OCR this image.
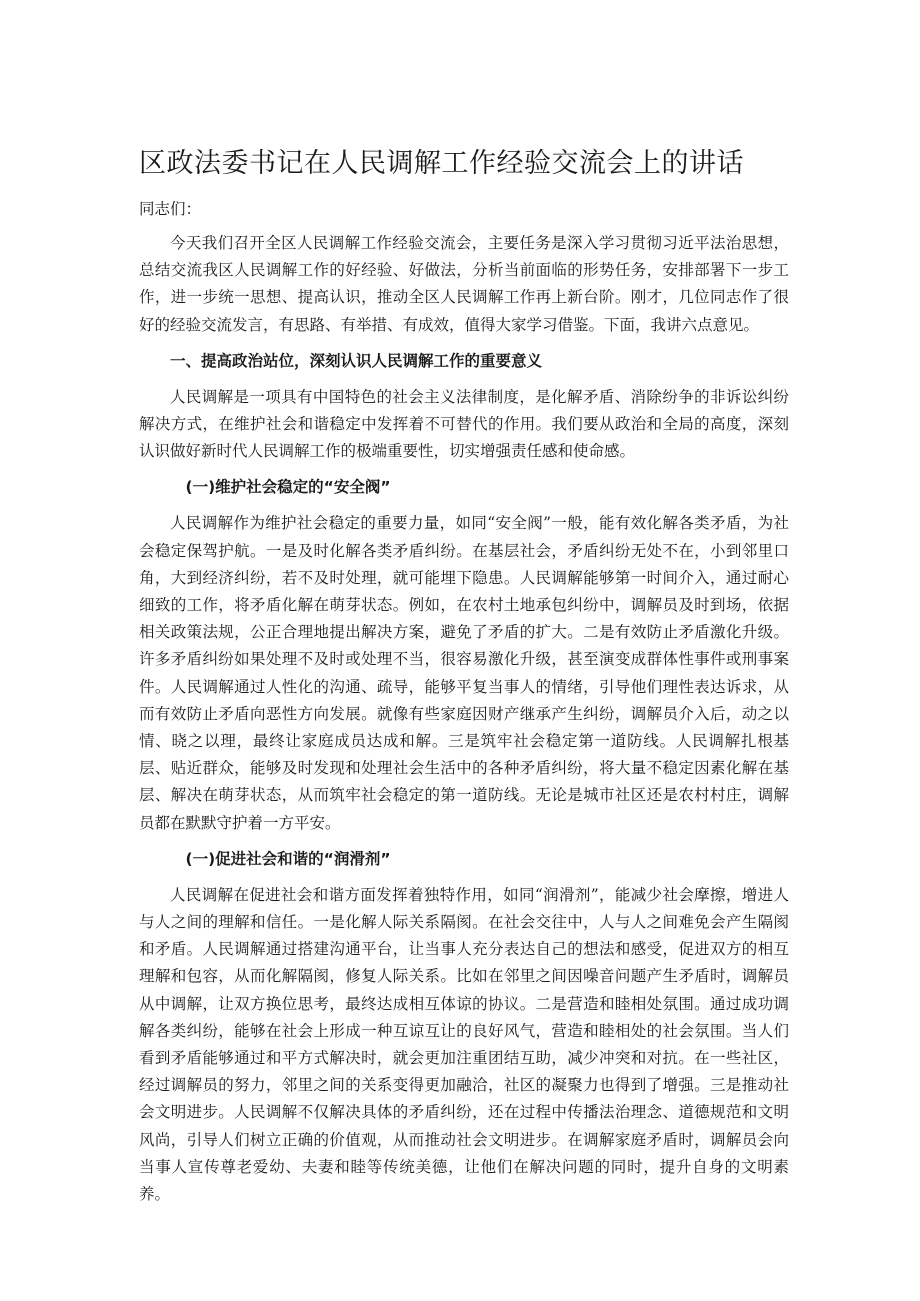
区政法委书记在人民调解工作经验交流会上的讲话

同志们：

今天我们召开全区人民调解工作经验交流会，主要任务是深入学习贯彻习近平法治思想，总结交流我区人民调解工作的好经验、好做法，分析当前面临的形势任务，安排部署下一步工作，进一步统一思想、提高认识，推动全区人民调解工作再上新台阶。刚才，几位同志作了很好的经验交流发言，有思路、有举措、有成效，值得大家学习借鉴。下面，我讲六点意见。

一、提高政治站位，深刻认识人民调解工作的重要意义

人民调解是一项具有中国特色的社会主义法律制度，是化解矛盾、消除纷争的非诉讼纠纷解决方式，在维护社会和谐稳定中发挥着不可替代的作用。我们要从政治和全局的高度，深刻认识做好新时代人民调解工作的极端重要性，切实增强责任感和使命感。

(一)维护社会稳定的“安全阀”

人民调解作为维护社会稳定的重要力量，如同“安全阀”一般，能有效化解各类矛盾，为社会稳定保驾护航。一是及时化解各类矛盾纠纷。在基层社会，矛盾纠纷无处不在，小到邻里口角，大到经济纠纷，若不及时处理，就可能埋下隐患。人民调解能够第一时间介入，通过耐心细致的工作，将矛盾化解在萌芽状态。例如，在农村土地承包纠纷中，调解员及时到场，依据相关政策法规，公正合理地提出解决方案，避免了矛盾的扩大。二是有效防止矛盾激化升级。许多矛盾纠纷如果处理不及时或处理不当，很容易激化升级，甚至演变成群体性事件或刑事案件。人民调解通过人性化的沟通、疏导，能够平复当事人的情绪，引导他们理性表达诉求，从而有效防止矛盾向恶性方向发展。就像有些家庭因财产继承产生纠纷，调解员介入后，动之以情、晓之以理，最终让家庭成员达成和解。三是筑牢社会稳定第一道防线。人民调解扎根基层、贴近群众，能够及时发现和处理社会生活中的各种矛盾纠纷，将大量不稳定因素化解在基层、解决在萌芽状态，从而筑牢社会稳定的第一道防线。无论是城市社区还是农村村庄，调解员都在默默守护着一方平安。

(一)促进社会和谐的“润滑剂”

人民调解在促进社会和谐方面发挥着独特作用，如同“润滑剂”，能减少社会摩擦，增进人与人之间的理解和信任。一是化解人际关系隔阂。在社会交往中，人与人之间难免会产生隔阂和矛盾。人民调解通过搭建沟通平台，让当事人充分表达自己的想法和感受，促进双方的相互理解和包容，从而化解隔阂，修复人际关系。比如在邻里之间因噪音问题产生矛盾时，调解员从中调解，让双方换位思考，最终达成相互体谅的协议。二是营造和睦相处氛围。通过成功调解各类纠纷，能够在社会上形成一种互谅互让的良好风气，营造和睦相处的社会氛围。当人们看到矛盾能够通过和平方式解决时，就会更加注重团结互助，减少冲突和对抗。在一些社区，经过调解员的努力，邻里之间的关系变得更加融洽，社区的凝聚力也得到了增强。三是推动社会文明进步。人民调解不仅解决具体的矛盾纠纷，还在过程中传播法治理念、道德规范和文明风尚，引导人们树立正确的价值观，从而推动社会文明进步。在调解家庭矛盾时，调解员会向当事人宣传尊老爱幼、夫妻和睦等传统美德，让他们在解决问题的同时，提升自身的文明素养。
